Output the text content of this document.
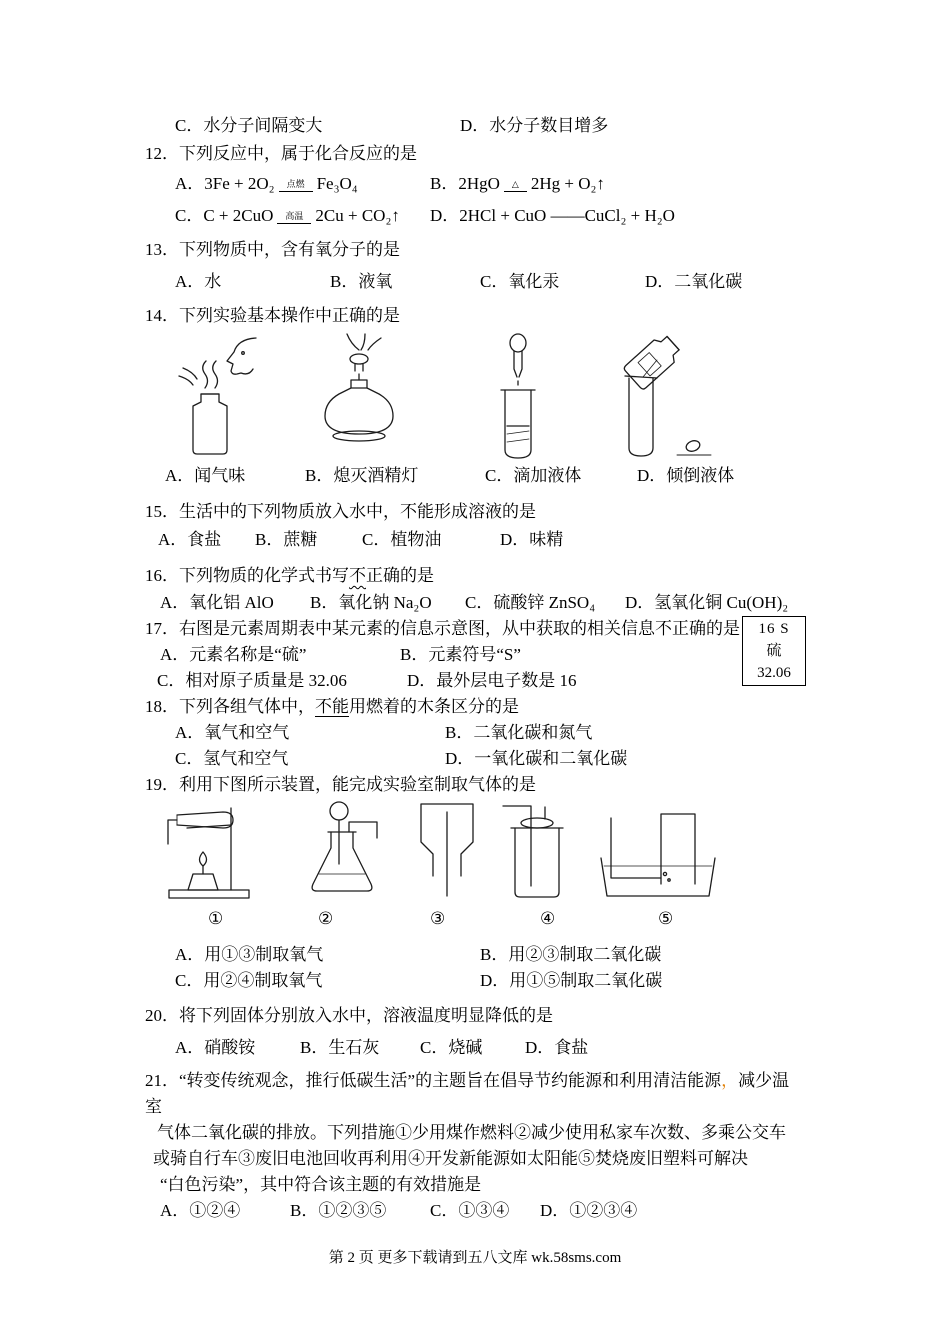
C．水分子间隔变大	D．水分子数目增多
12．下列反应中，属于化合反应的是
A．3Fe + 2O₂ 点燃 Fe₃O₄	B．2HgO △ 2Hg + O₂↑
C．C + 2CuO 高温 2Cu + CO₂↑ D．2HCl + CuO ——CuCl₂ + H₂O
13．下列物质中，含有氧分子的是
A．水	B．液氧	C．氧化汞	D．二氧化碳
14．下列实验基本操作中正确的是
A．闻气味	B．熄灭酒精灯	C．滴加液体	D．倾倒液体
15．生活中的下列物质放入水中，不能形成溶液的是
A．食盐 B．蔗糖	C．植物油	D．味精
16．下列物质的化学式书写不正确的是
A．氧化铝 AlO B．氧化钠 Na₂O C．硫酸锌 ZnSO₄ D．氢氧化铜 Cu(OH)₂
17．右图是元素周期表中某元素的信息示意图，从中获取的相关信息不正确的是
A．元素名称是“硫”	B．元素符号“S”
C．相对原子质量是 32.06	D．最外层电子数是 16
18．下列各组气体中，不能用燃着的木条区分的是
A．氧气和空气	B．二氧化碳和氮气
C．氢气和空气	D．一氧化碳和二氧化碳
19．利用下图所示装置，能完成实验室制取气体的是
①	②	③	④	⑤
A．用①③制取氧气	B．用②③制取二氧化碳
C．用②④制取氧气	D．用①⑤制取二氧化碳
20．将下列固体分别放入水中，溶液温度明显降低的是
A．硝酸铵	B．生石灰 C．烧碱	D．食盐
21．“转变传统观念，推行低碳生活”的主题旨在倡导节约能源和利用清洁能源，减少温
室
气体二氧化碳的排放。下列措施①少用煤作燃料②减少使用私家车次数、多乘公交车
或骑自行车③废旧电池回收再利用④开发新能源如太阳能⑤焚烧废旧塑料可解决
“白色污染”，其中符合该主题的有效措施是
A．①②④	B．①②③⑤	C．①③④ D．①②③④
16 S
硫
32.06
第 2 页 更多下载请到五八文库 wk.58sms.com
